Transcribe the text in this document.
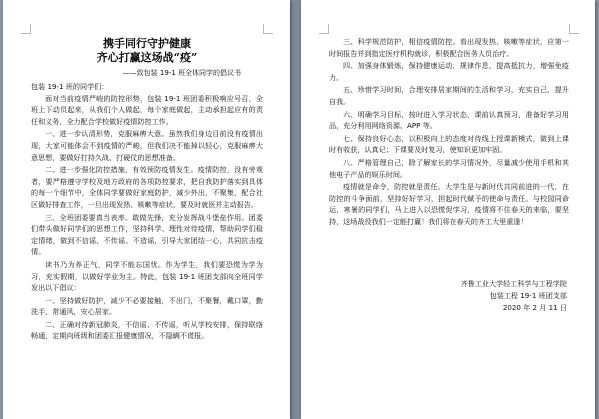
携手同行守护健康
齐心打赢这场战“疫”
——致包装 19-1 班全体同学的倡议书
包装 19-1 班的同学们：

面对当前疫情严峻的防控形势，包装 19-1 班团委积极响应号召，全班上下动员起来，从我们个人做起，每个家庭做起，主动承担起应有的责任和义务，全力配合学校做好疫情防控工作。

一、进一步认清形势，克服麻痹大意。虽然我们身边目前没有疫情出现，大家可能体会不到疫情的严峻，但我们决不能掉以轻心，克服麻痹大意思想，要做好打持久战、打硬仗的思想准备。

二、进一步强化防控措施，有效预防疫情发生。疫情防控，没有旁观者，要严格遵守学校及地方政府的各项防控要求，把自我防护落实到具体的每一个细节中，全体同学要做好家庭防护，减少外出，不聚集，配合社区做好排查工作，一旦出现发热、咳嗽等症状，要及时就医并主动报告。

三、全班团委要真当表率。敢做先锋，充分发挥战斗堡垒作用。团委们带头做好同学们的思想工作，坚持科学、理性对待疫情，帮助同学们稳定情绪，做到不信谣、不传谣、不造谣，引导大家团结一心，共同抗击疫情。

读书乃为养正气，同学不能忘国忧。作为学生，我们要恐慌为学为习，充实假期，以做好学业为主。特此，包装 19-1 班团支部向全班同学发出以下倡议：

一、坚持做好防护，减少不必要接触，不出门，不聚餐，戴口罩，勤洗手，常通风，安心居家。

二、正确对待新冠肺炎，不信谣、不传谣，听从学校安排，保持联络畅通，定期向班级和团委汇报健康情况，不隐瞒不谎报。

三、科学规范防护，相信疫情防控。看出现发热、咳嗽等症状，应第一时间报告并到指定医疗机构就诊，积极配合医务人员治疗。

四、加强身体锻炼，保持健康运动，规律作息，提高抵抗力，增强免疫力。

五、珍惜学习时间，合理安排居家期间的生活和学习，充实自己，提升自我。

六、明确学习目标，按时进入学习状态，课前认真预习，准备好学习用品，充分利用网络资源、APP 等。

七、保持良好心态，以积极向上的态度对待线上授课新模式，做到上课时有收获，认真记；下课要及时复习，使知识更加牢固。

八、严格管理自己，除了解家长的学习情况外，尽量减少使用手机和其他电子产品的娱乐时间。

疫情就是命令，防控就是责任。大学生是与新时代共同前进的一代，在防控的斗争面前，坚持好好学习，担起时代赋予的使命与责任。与校园同命运，寒暑的同学们，马上进入以恐慌促学习，疫情将不住春天的来临，要坚持，这场战役我们一定能打赢！我们将在春天的齐工大里重逢！

齐鲁工业大学轻工科学与工程学院
包装工程 19-1 班团支部
2020 年 2 月 11 日
